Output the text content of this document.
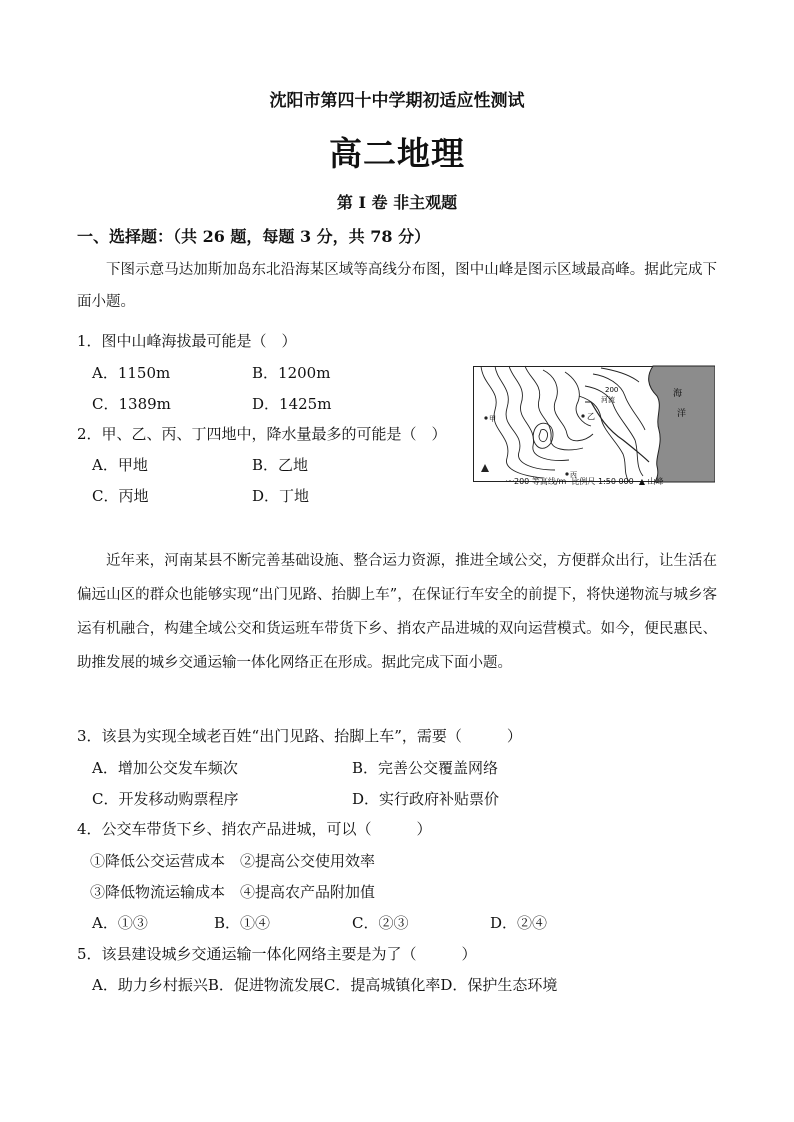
沈阳市第四十中学期初适应性测试
高二地理
第 I 卷 非主观题
一、选择题：（共 26 题，每题 3 分，共 78 分）
下图示意马达加斯加岛东北沿海某区域等高线分布图，图中山峰是图示区域最高峰。据此完成下面小题。
1．图中山峰海拔最可能是（　）
A．1150m	B．1200m
C．1389m	D．1425m
2．甲、乙、丙、丁四地中，降水量最多的可能是（　）
A．甲地	B．乙地
C．丙地	D．丁地
200
河流
海
洋
甲	乙
丙
丁
〰200 等高线/m 比例尺 1:50 000 ▲ 山峰
近年来，河南某县不断完善基础设施、整合运力资源，推进全域公交，方便群众出行，让生活在偏远山区的群众也能够实现“出门见路、抬脚上车”，在保证行车安全的前提下，将快递物流与城乡客运有机融合，构建全域公交和货运班车带货下乡、捎农产品进城的双向运营模式。如今，便民惠民、助推发展的城乡交通运输一体化网络正在形成。据此完成下面小题。
3．该县为实现全域老百姓“出门见路、抬脚上车”，需要（　　　）
A．增加公交发车频次	B．完善公交覆盖网络
C．开发移动购票程序	D．实行政府补贴票价
4．公交车带货下乡、捎农产品进城，可以（　　　）
①降低公交运营成本　②提高公交使用效率
③降低物流运输成本　④提高农产品附加值
A．①③	B．①④	C．②③	D．②④
5．该县建设城乡交通运输一体化网络主要是为了（　　　）
A．助力乡村振兴B．促进物流发展C．提高城镇化率D．保护生态环境
